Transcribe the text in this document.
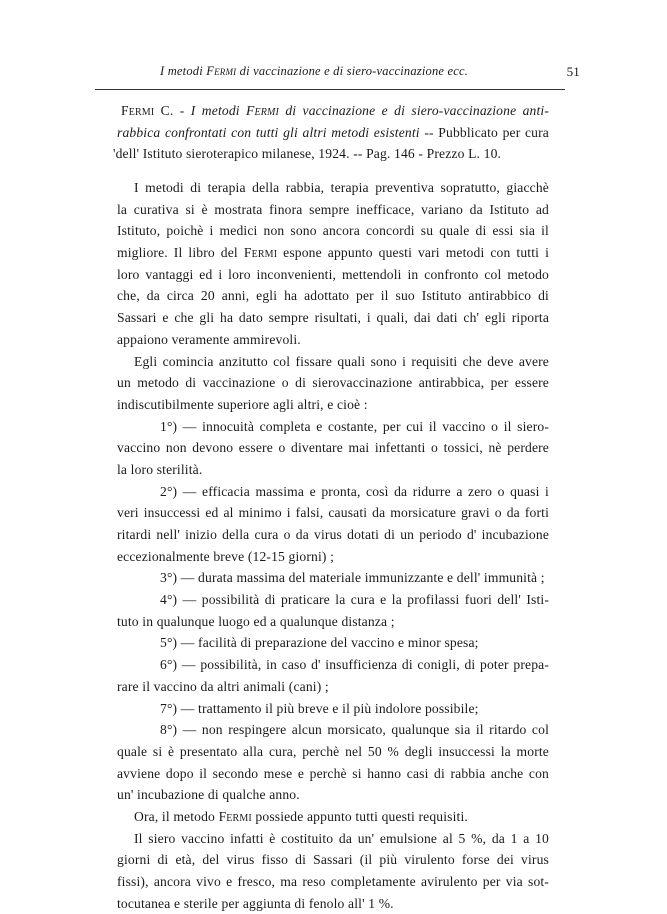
I metodi Fermi di vaccinazione e di siero-vaccinazione ecc.	51
Fermi C. - I metodi Fermi di vaccinazione e di siero-vaccinazione anti-
rabbica confrontati con tutti gli altri metodi esistenti -- Pubblicato per cura
'dell' Istituto sieroterapico milanese, 1924. -- Pag. 146 - Prezzo L. 10.
I metodi di terapia della rabbia, terapia preventiva sopratutto, giacchè
la curativa si è mostrata finora sempre inefficace, variano da Istituto ad
Istituto, poichè i medici non sono ancora concordi su quale di essi sia il
migliore. Il libro del Fermi espone appunto questi vari metodi con tutti i
loro vantaggi ed i loro inconvenienti, mettendoli in confronto col metodo
che, da circa 20 anni, egli ha adottato per il suo Istituto antirabbico di
Sassari e che gli ha dato sempre risultati, i quali, dai dati ch' egli riporta
appaiono veramente ammirevoli.
Egli comincia anzitutto col fissare quali sono i requisiti che deve avere
un metodo di vaccinazione o di sierovaccinazione antirabbica, per essere
indiscutibilmente superiore agli altri, e cioè :
1°) — innocuità completa e costante, per cui il vaccino o il siero-
vaccino non devono essere o diventare mai infettanti o tossici, nè perdere
la loro sterilità.
2°) — efficacia massima e pronta, così da ridurre a zero o quasi i
veri insuccessi ed al minimo i falsi, causati da morsicature gravi o da forti
ritardi nell' inizio della cura o da virus dotati di un periodo d' incubazione
eccezionalmente breve (12-15 giorni) ;
3°) — durata massima del materiale immunizzante e dell' immunità ;
4°) — possibilità di praticare la cura e la profilassi fuori dell' Isti-
tuto in qualunque luogo ed a qualunque distanza ;
5°) — facilità di preparazione del vaccino e minor spesa;
6°) — possibilità, in caso d' insufficienza di conigli, di poter prepa-
rare il vaccino da altri animali (cani) ;
7°) — trattamento il più breve e il più indolore possibile;
8°) — non respingere alcun morsicato, qualunque sia il ritardo col
quale si è presentato alla cura, perchè nel 50 % degli insuccessi la morte
avviene dopo il secondo mese e perchè si hanno casi di rabbia anche con
un' incubazione di qualche anno.
Ora, il metodo Fermi possiede appunto tutti questi requisiti.
Il siero vaccino infatti è costituito da un' emulsione al 5 %, da 1 a 10
giorni di età, del virus fisso di Sassari (il più virulento forse dei virus
fissi), ancora vivo e fresco, ma reso completamente avirulento per via sot-
tocutanea e sterile per aggiunta di fenolo all' 1 %.
